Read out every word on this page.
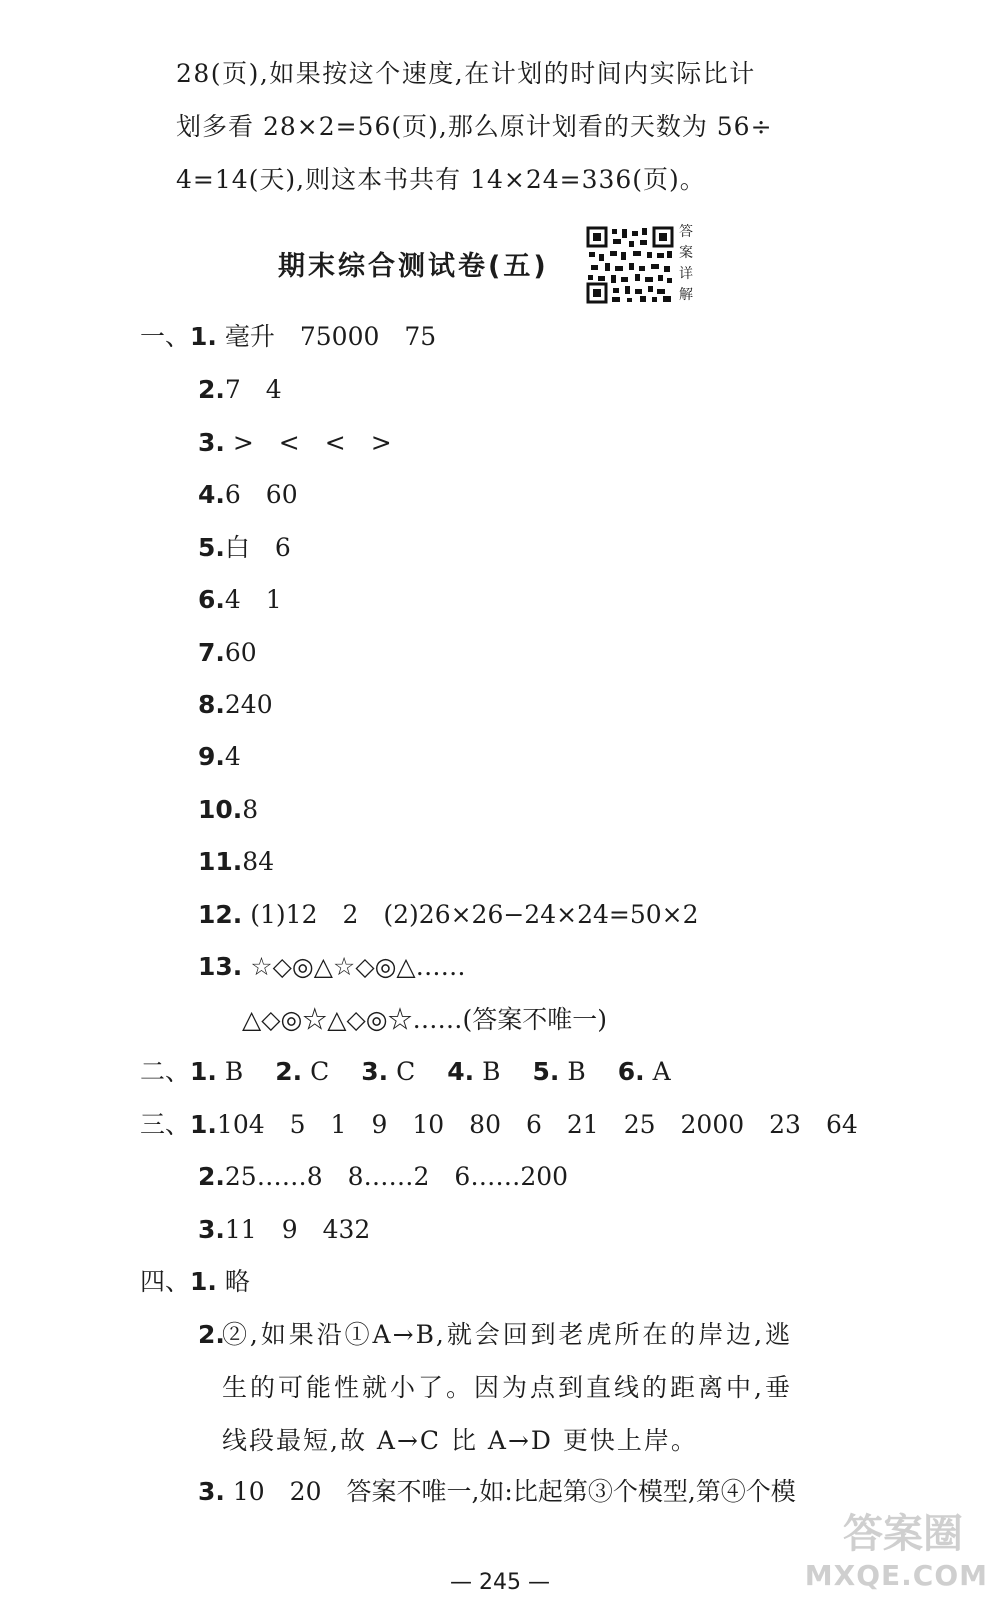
28(页),如果按这个速度,在计划的时间内实际比计
划多看 28×2=56(页),那么原计划看的天数为 56÷
4=14(天),则这本书共有 14×24=336(页)。
期末综合测试卷(五)
答案详解
一、1. 毫升　75000　75
2.7　4
3. >　<　<　>
4.6　60
5.白　6
6.4　1
7.60
8.240
9.4
10.8
11.84
12. (1)12　2　(2)26×26−24×24=50×2
13. ☆◇◎△☆◇◎△……
△◇◎☆△◇◎☆……(答案不唯一)
二、1. B 2. C 3. C 4. B 5. B 6. A
三、1.104　5　1　9　10　80　6　21　25　2000　23　64
2.25……8　8……2　6……200
3.11　9　432
四、1. 略
2.
②,如果沿①A→B,就会回到老虎所在的岸边,逃生的可能性就小了。因为点到直线的距离中,垂线段最短,故 A→C 比 A→D 更快上岸。
3. 10　20　答案不唯一,如:比起第③个模型,第④个模
— 245 —
答案圈
MXQE.COM
